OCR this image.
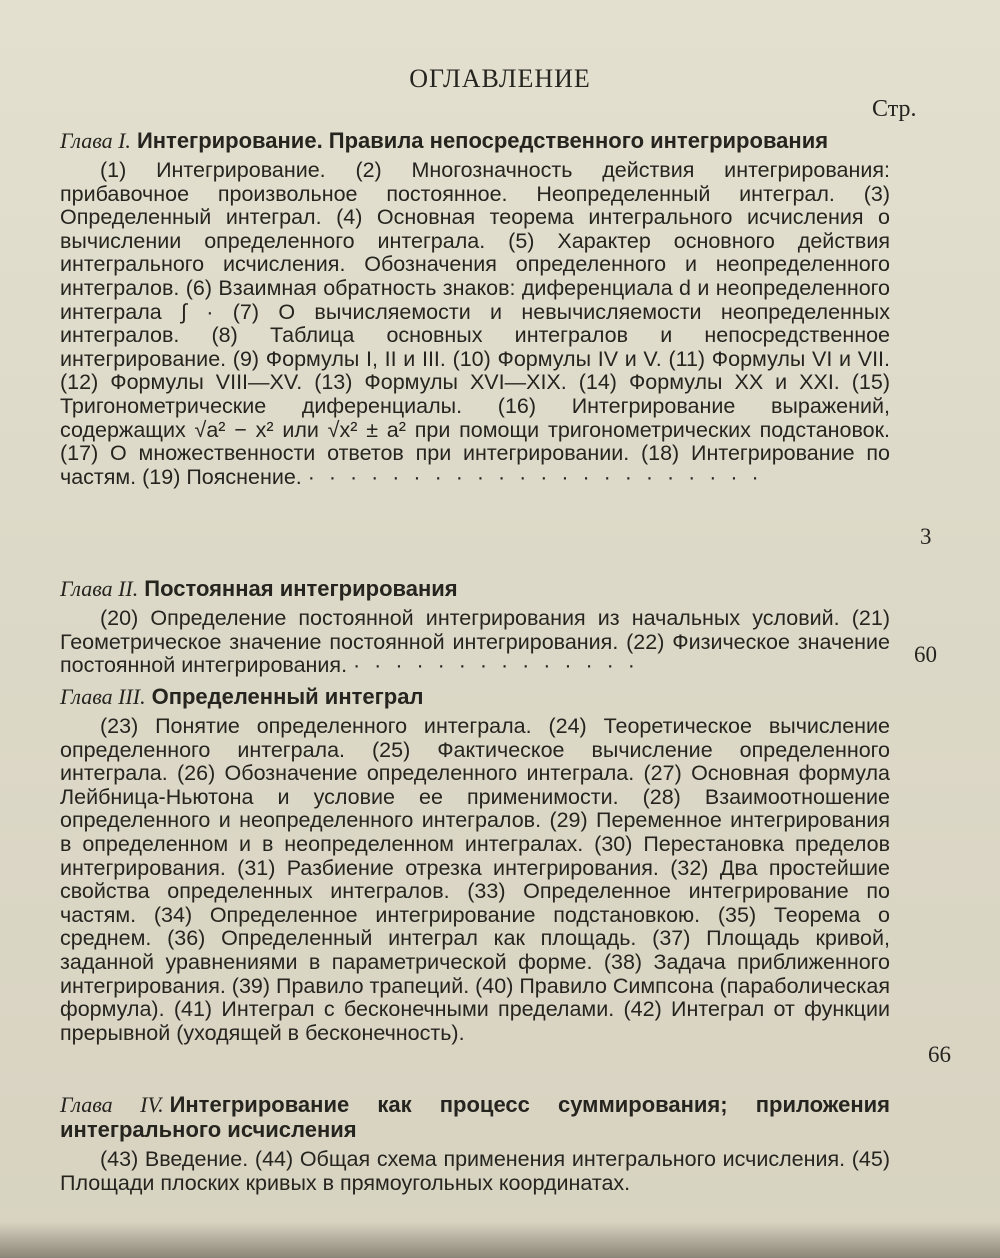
ОГЛАВЛЕНИЕ
Стр.
Глава I. Интегрирование. Правила непосредственного интегрирования
(1) Интегрирование. (2) Многозначность действия интегрирования: прибавочное произвольное постоянное. Неопределенный интеграл. (3) Определенный интеграл. (4) Основная теорема интегрального исчисления о вычислении определенного интеграла. (5) Характер основного действия интегрального исчисления. Обозначения определенного и неопределенного интегралов. (6) Взаимная обратность знаков: диференциала d и неопределенного интеграла ∫ · (7) О вычисляемости и невычисляемости неопределенных интегралов. (8) Таблица основных интегралов и непосредственное интегрирование. (9) Формулы I, II и III. (10) Формулы IV и V. (11) Формулы VI и VII. (12) Формулы VIII—XV. (13) Формулы XVI—XIX. (14) Формулы XX и XXI. (15) Тригонометрические диференциалы. (16) Интегрирование выражений, содержащих √a² − x² или √x² ± a² при помощи тригонометрических подстановок. (17) О множественности ответов при интегрировании. (18) Интегрирование по частям. (19) Пояснение. · · · · · · · · · · · · · · · · · · · · · ·
3
Глава II. Постоянная интегрирования
(20) Определение постоянной интегрирования из начальных условий. (21) Геометрическое значение постоянной интегрирования. (22) Физическое значение постоянной интегрирования. · · · · · · · · · · · · · ·	60
Глава III. Определенный интеграл
(23) Понятие определенного интеграла. (24) Теоретическое вычисление определенного интеграла. (25) Фактическое вычисление определенного интеграла. (26) Обозначение определенного интеграла. (27) Основная формула Лейбница-Ньютона и условие ее применимости. (28) Взаимоотношение определенного и неопределенного интегралов. (29) Переменное интегрирования в определенном и в неопределенном интегралах. (30) Перестановка пределов интегрирования. (31) Разбиение отрезка интегрирования. (32) Два простейшие свойства определенных интегралов. (33) Определенное интегрирование по частям. (34) Определенное интегрирование подстановкою. (35) Теорема о среднем. (36) Определенный интеграл как площадь. (37) Площадь кривой, заданной уравнениями в параметрической форме. (38) Задача приближенного интегрирования. (39) Правило трапеций. (40) Правило Симпсона (параболическая формула). (41) Интеграл с бесконечными пределами. (42) Интеграл от функции прерывной (уходящей в бесконечность).
66
Глава IV. Интегрирование как процесс суммирования; приложения интегрального исчисления
(43) Введение. (44) Общая схема применения интегрального исчисления. (45) Площади плоских кривых в прямоугольных координатах.
